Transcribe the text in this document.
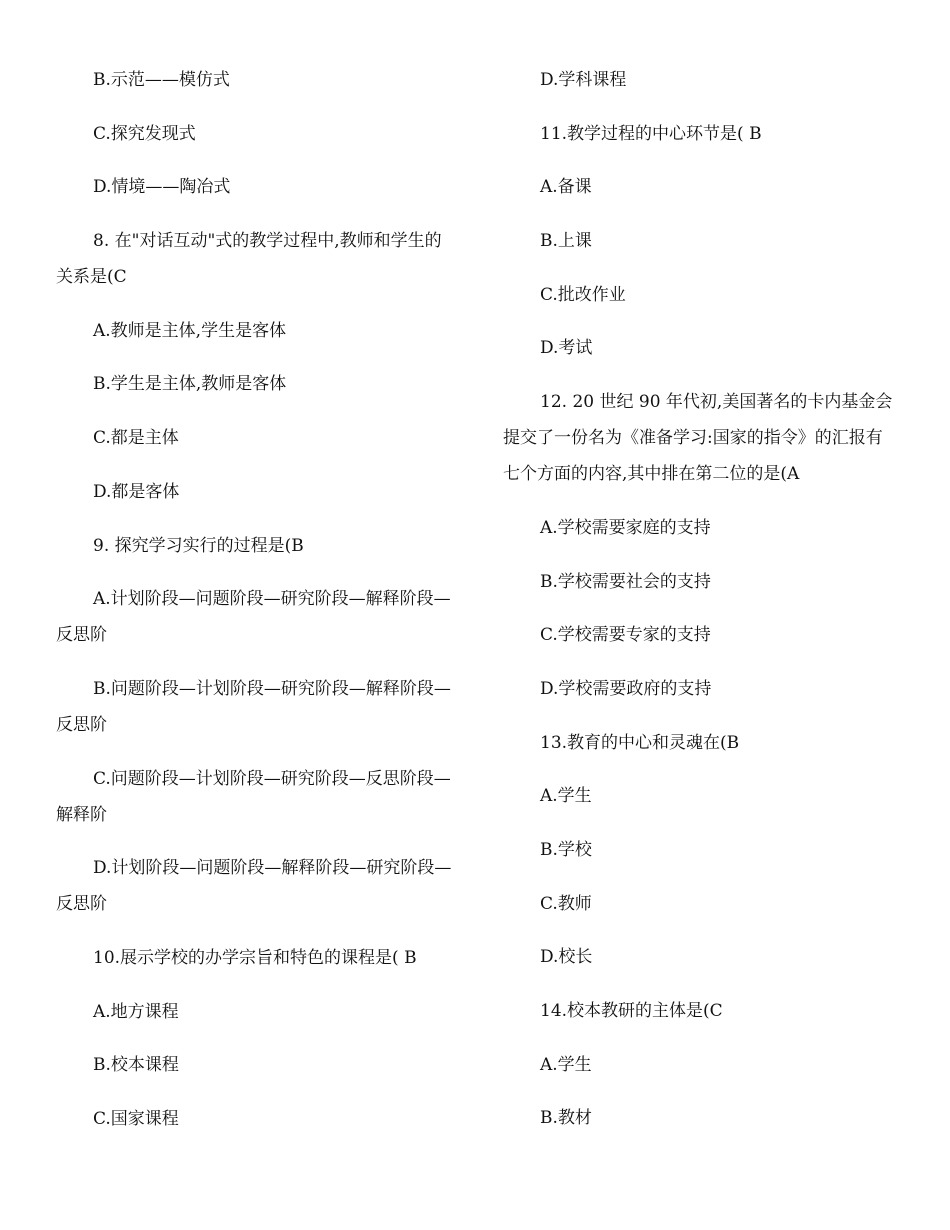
B.示范——模仿式

C.探究发现式

D.情境——陶冶式

8. 在"对话互动"式的教学过程中,教师和学生的关系是(C

A.教师是主体,学生是客体

B.学生是主体,教师是客体

C.都是主体

D.都是客体

9. 探究学习实行的过程是(B

A.计划阶段—问题阶段—研究阶段—解释阶段—反思阶

B.问题阶段—计划阶段—研究阶段—解释阶段—反思阶

C.问题阶段—计划阶段—研究阶段—反思阶段—解释阶

D.计划阶段—问题阶段—解释阶段—研究阶段—反思阶

10.展示学校的办学宗旨和特色的课程是( B

A.地方课程

B.校本课程

C.国家课程

D.学科课程

11.教学过程的中心环节是( B

A.备课

B.上课

C.批改作业

D.考试

12. 20 世纪 90 年代初,美国著名的卡内基金会提交了一份名为《准备学习:国家的指令》的汇报有七个方面的内容,其中排在第二位的是(A

A.学校需要家庭的支持

B.学校需要社会的支持

C.学校需要专家的支持

D.学校需要政府的支持

13.教育的中心和灵魂在(B

A.学生

B.学校

C.教师

D.校长

14.校本教研的主体是(C

A.学生

B.教材
